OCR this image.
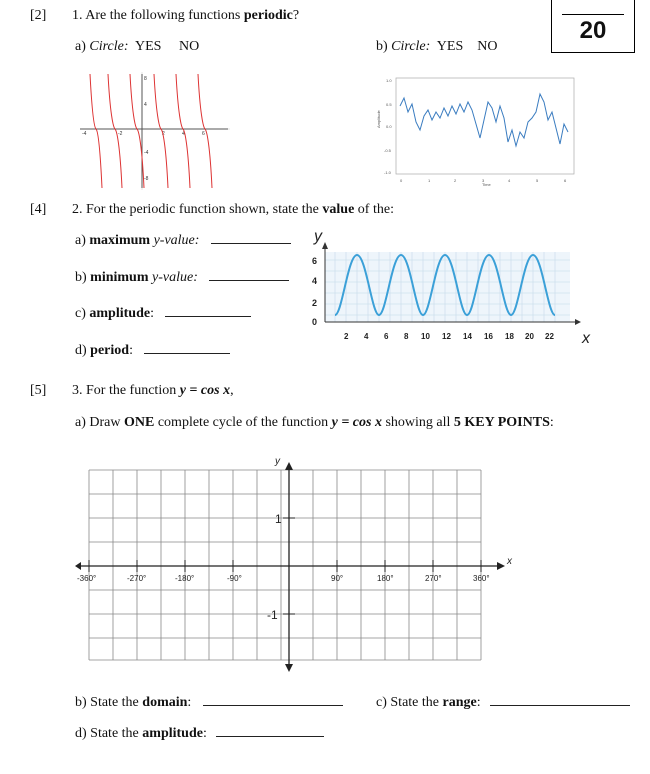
20
[2] 1. Are the following functions periodic?
a) Circle: YES NO	b) Circle: YES NO
-4	-2	2	4	6
8
4
-4
-8
1.0
0.5
0.0
-0.5
-1.0
0	1	2	3	4	5	6
Time
Amplitude
[4] 2. For the periodic function shown, state the value of the:
a) maximum y-value:
b) minimum y-value:
c) amplitude:
d) period:
0
2
4
6
2 4 6 8 10 12 14 16 18 20 22
y
x
[5] 3. For the function y = cos x,
a) Draw ONE complete cycle of the function y = cos x showing all 5 KEY POINTS:
-360°	-270°	-180°	-90°	90°	180°	270°	360°
1
-1
y
x
b) State the domain:	c) State the range:
d) State the amplitude:
